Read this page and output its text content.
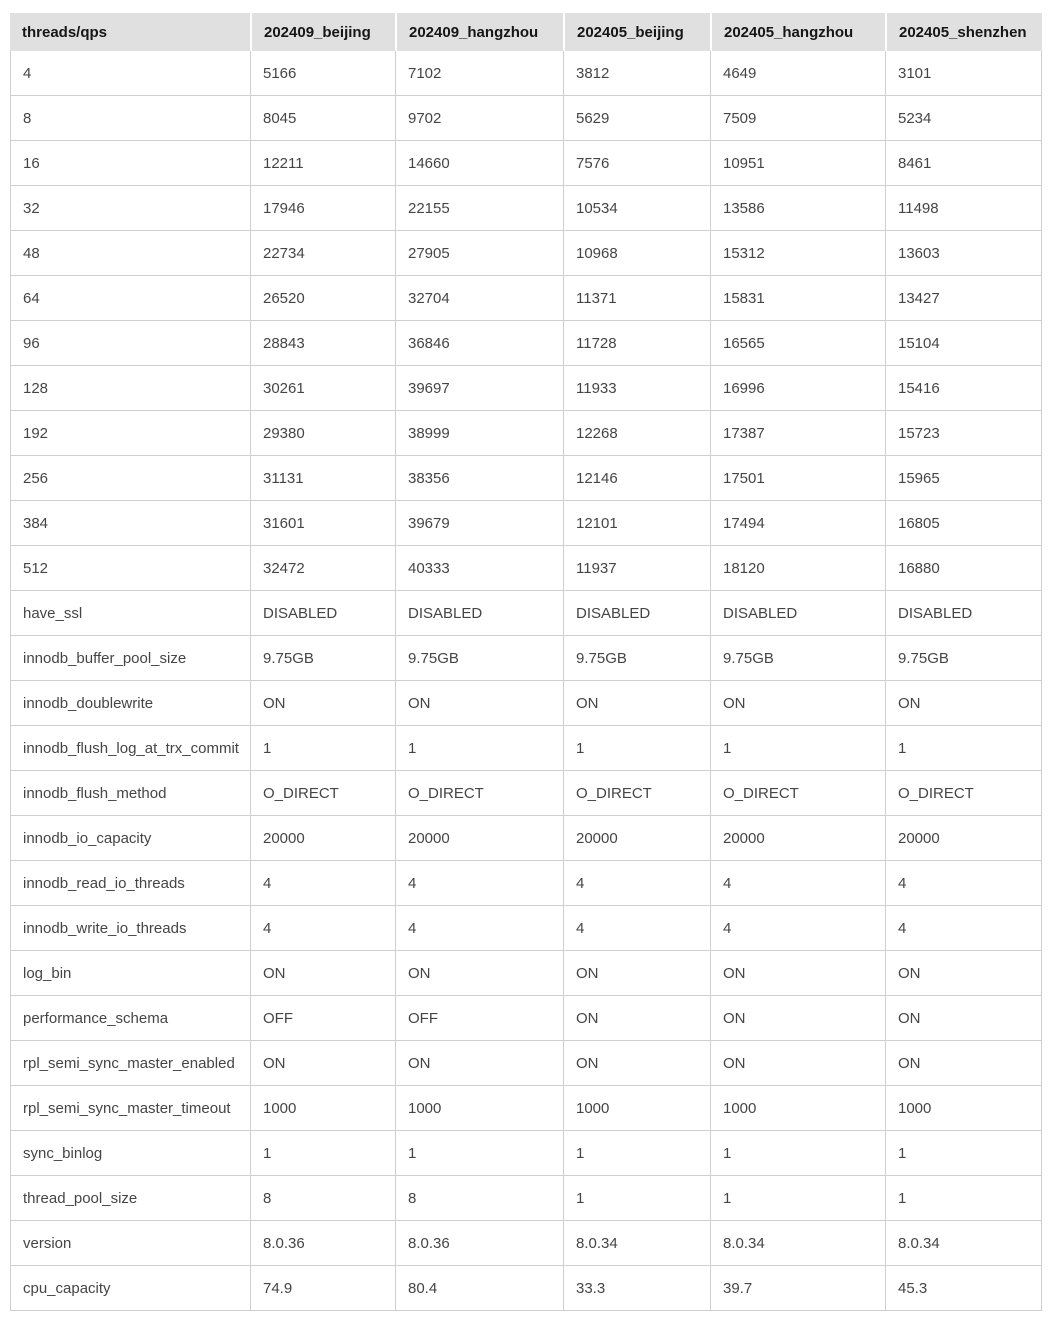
threads/qps	202409_beijing	202409_hangzhou	202405_beijing	202405_hangzhou	202405_shenzhen
4	5166	7102	3812	4649	3101
8	8045	9702	5629	7509	5234
16	12211	14660	7576	10951	8461
32	17946	22155	10534	13586	11498
48	22734	27905	10968	15312	13603
64	26520	32704	11371	15831	13427
96	28843	36846	11728	16565	15104
128	30261	39697	11933	16996	15416
192	29380	38999	12268	17387	15723
256	31131	38356	12146	17501	15965
384	31601	39679	12101	17494	16805
512	32472	40333	11937	18120	16880
have_ssl	DISABLED	DISABLED	DISABLED	DISABLED	DISABLED
innodb_buffer_pool_size	9.75GB	9.75GB	9.75GB	9.75GB	9.75GB
innodb_doublewrite	ON	ON	ON	ON	ON
innodb_flush_log_at_trx_commit	1	1	1	1	1
innodb_flush_method	O_DIRECT	O_DIRECT	O_DIRECT	O_DIRECT	O_DIRECT
innodb_io_capacity	20000	20000	20000	20000	20000
innodb_read_io_threads	4	4	4	4	4
innodb_write_io_threads	4	4	4	4	4
log_bin	ON	ON	ON	ON	ON
performance_schema	OFF	OFF	ON	ON	ON
rpl_semi_sync_master_enabled	ON	ON	ON	ON	ON
rpl_semi_sync_master_timeout	1000	1000	1000	1000	1000
sync_binlog	1	1	1	1	1
thread_pool_size	8	8	1	1	1
version	8.0.36	8.0.36	8.0.34	8.0.34	8.0.34
cpu_capacity	74.9	80.4	33.3	39.7	45.3
